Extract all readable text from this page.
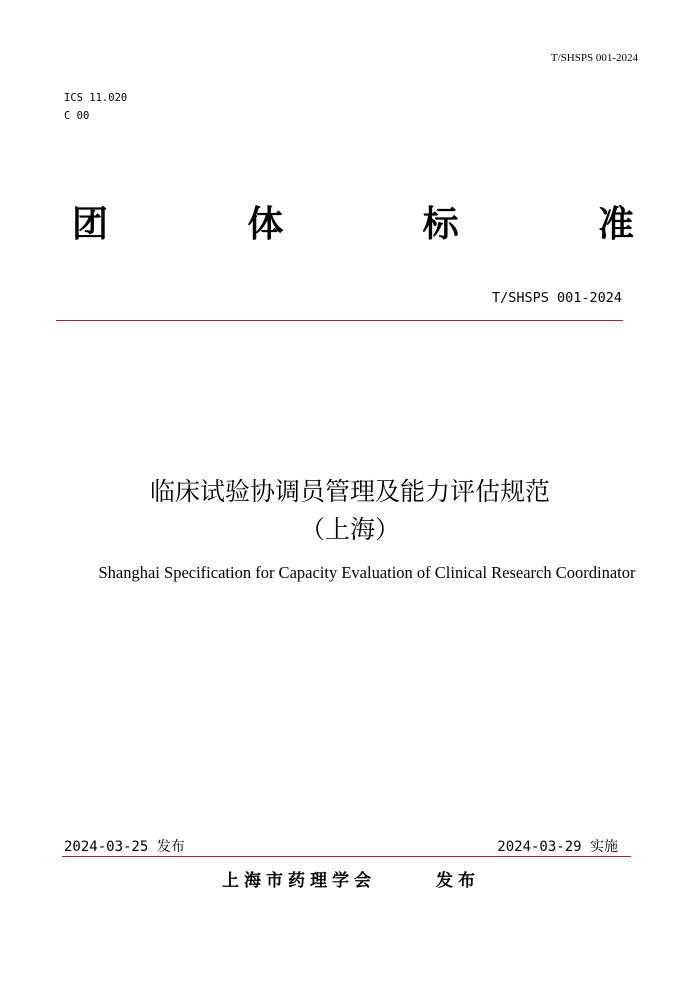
T/SHSPS 001-2024
ICS 11.020
C 00
团	体	标	准
T/SHSPS 001-2024
临床试验协调员管理及能力评估规范
（上海）
Shanghai Specification for Capacity Evaluation of Clinical Research Coordinator
2024-03-25 发布	2024-03-29 实施
上海市药理学会	发布
